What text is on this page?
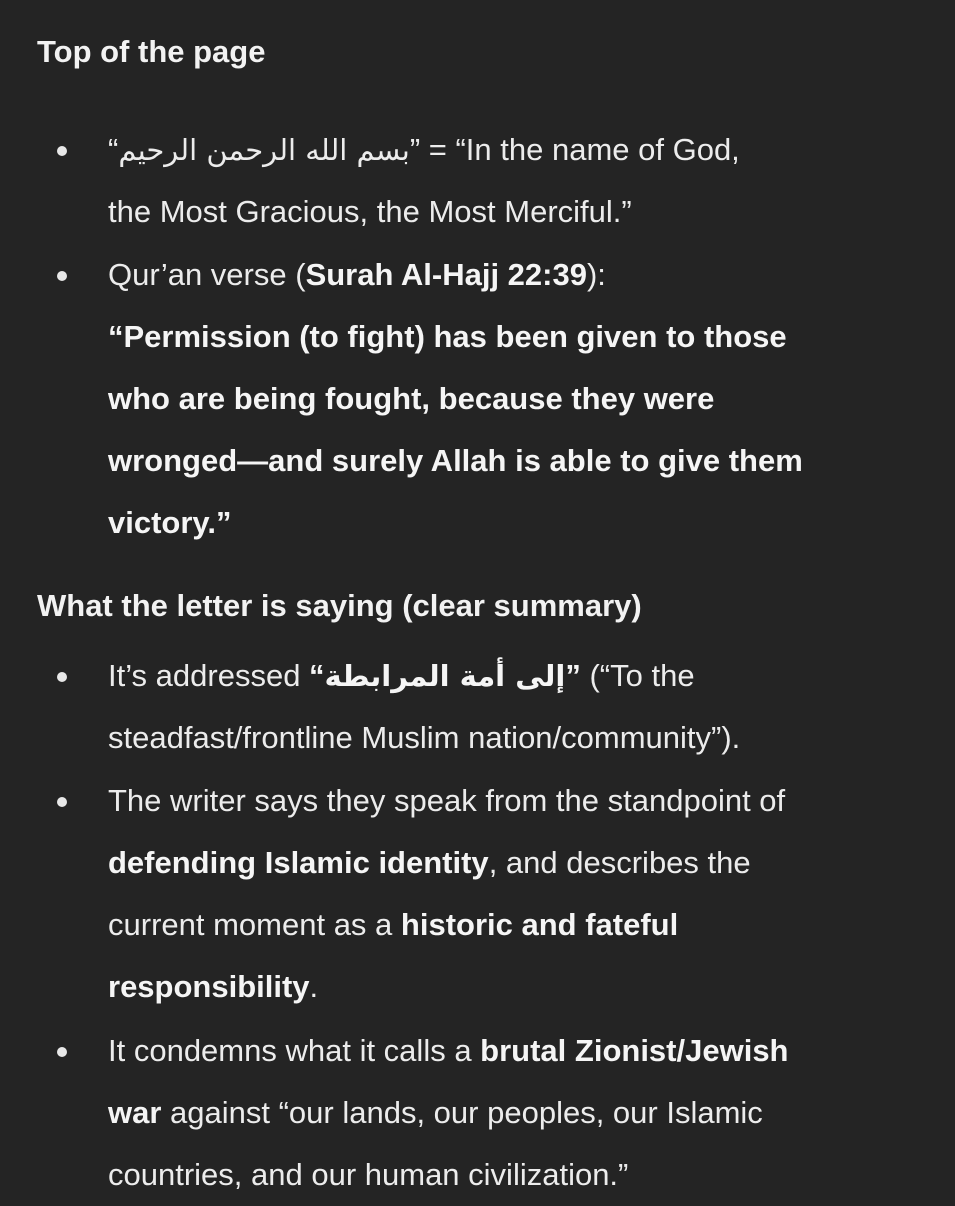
Top of the page
What the letter is saying (clear summary)
“بسم الله الرحمن الرحيم” = “In the name of God,
the Most Gracious, the Most Merciful.”
Qur’an verse (Surah Al-Hajj 22:39):
“Permission (to fight) has been given to those
who are being fought, because they were
wronged—and surely Allah is able to give them
victory.”
It’s addressed “إلى أمة المرابطة” (“To the
steadfast/frontline Muslim nation/community”).
The writer says they speak from the standpoint of
defending Islamic identity, and describes the
current moment as a historic and fateful
responsibility.
It condemns what it calls a brutal Zionist/Jewish
war against “our lands, our peoples, our Islamic
countries, and our human civilization.”
